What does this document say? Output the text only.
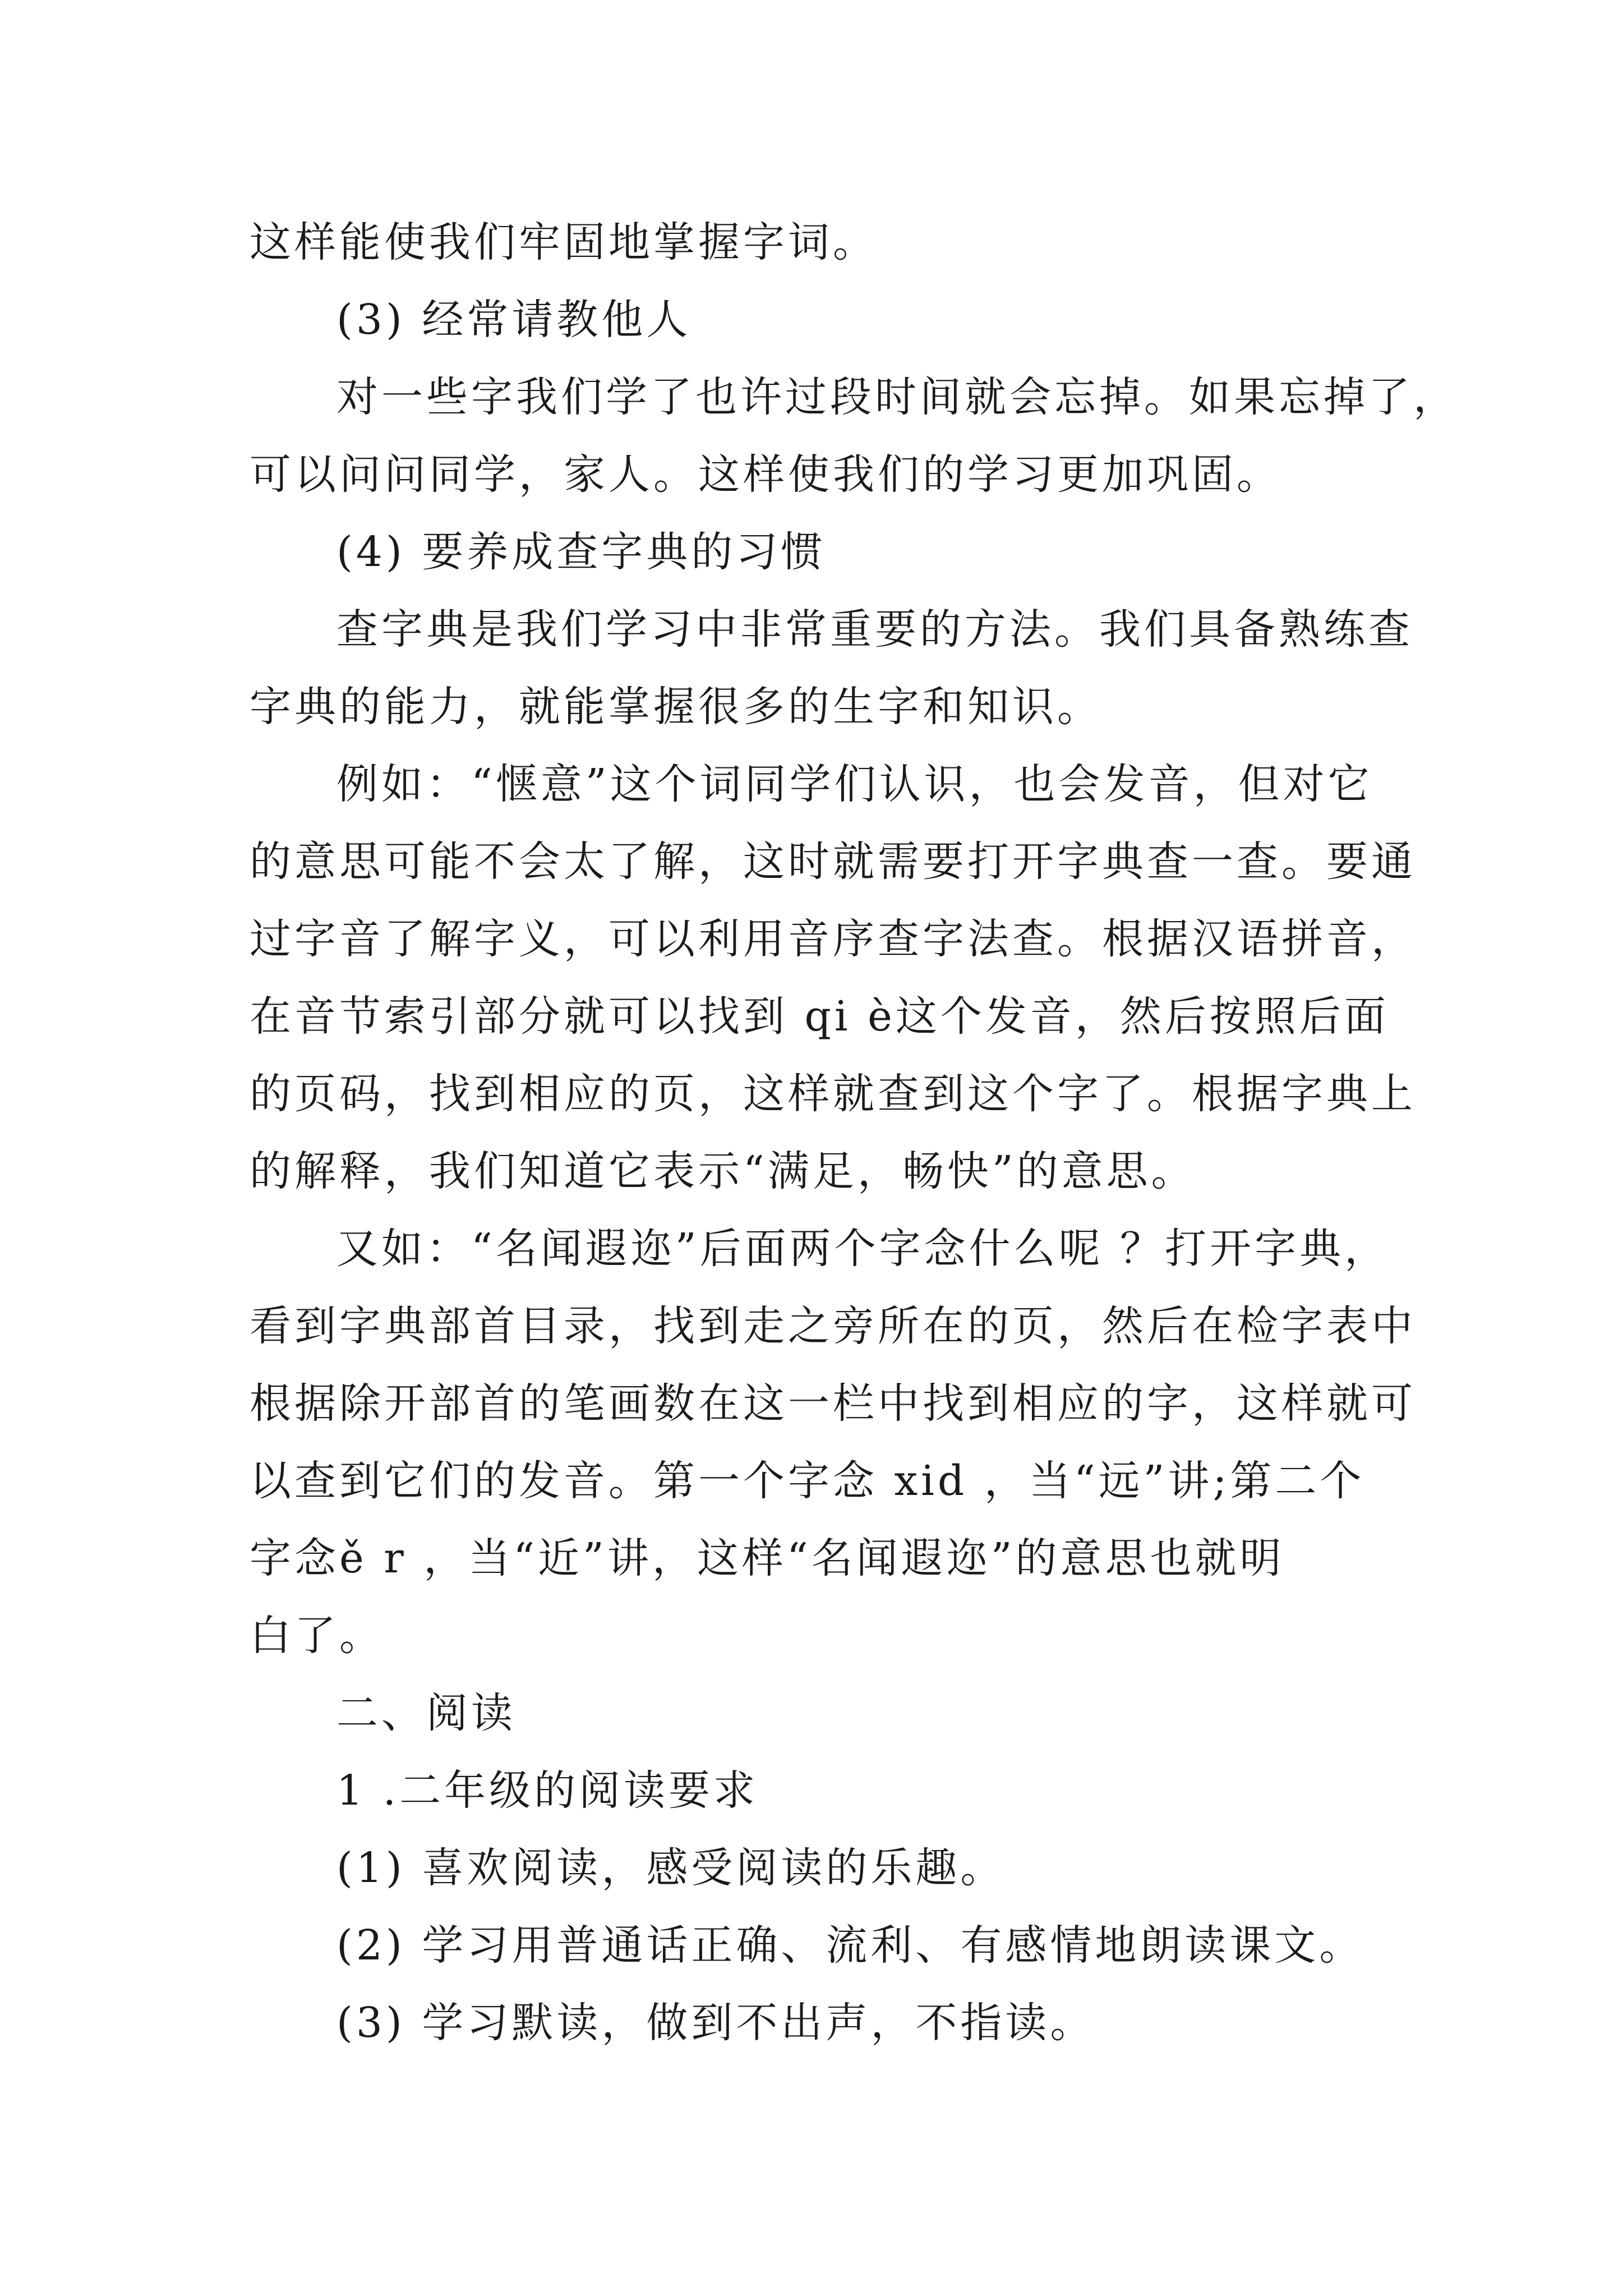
这样能使我们牢固地掌握字词。
(3) 经常请教他人
对一些字我们学了也许过段时间就会忘掉。如果忘掉了，
可以问问同学，家人。这样使我们的学习更加巩固。
(4) 要养成查字典的习惯
查字典是我们学习中非常重要的方法。我们具备熟练查
字典的能力，就能掌握很多的生字和知识。
例如：“惬意”这个词同学们认识，也会发音，但对它
的意思可能不会太了解，这时就需要打开字典查一查。要通
过字音了解字义，可以利用音序查字法查。根据汉语拼音，
在音节索引部分就可以找到 qi è这个发音，然后按照后面
的页码，找到相应的页，这样就查到这个字了。根据字典上
的解释，我们知道它表示“满足，畅快”的意思。
又如：“名闻遐迩”后面两个字念什么呢 ？打开字典，
看到字典部首目录，找到走之旁所在的页，然后在检字表中
根据除开部首的笔画数在这一栏中找到相应的字，这样就可
以查到它们的发音。第一个字念 xid ，当“远”讲;第二个
字念ě r ，当“近”讲，这样“名闻遐迩”的意思也就明
白了。
二、阅读
1 .二年级的阅读要求
(1) 喜欢阅读，感受阅读的乐趣。
(2) 学习用普通话正确、流利、有感情地朗读课文。
(3) 学习默读，做到不出声，不指读。
